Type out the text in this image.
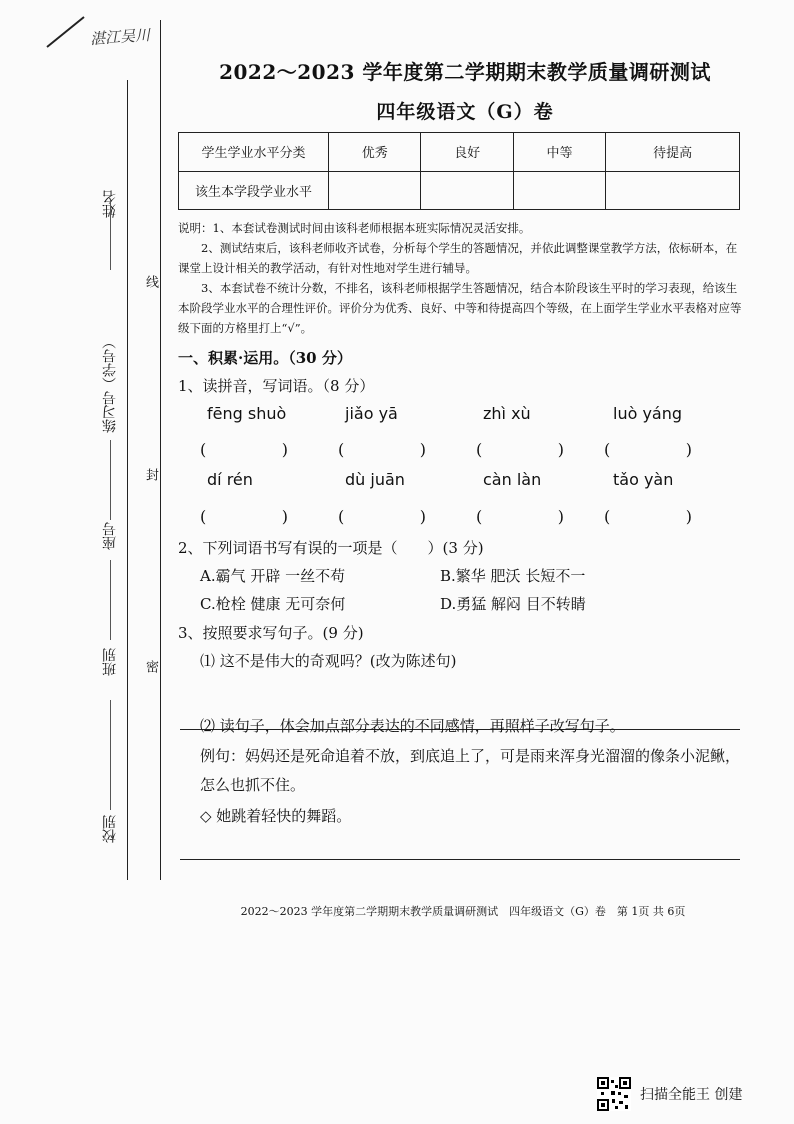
湛江吴川
姓名
练习号（学号）
座号
班别
校别
线
封
密
2022～2023 学年度第二学期期末教学质量调研测试
四年级语文（G）卷
学生学业水平分类	优秀	良好	中等	待提高
该生本学段学业水平				

说明：1、本套试卷测试时间由该科老师根据本班实际情况灵活安排。

2、测试结束后，该科老师收齐试卷，分析每个学生的答题情况，并依此调整课堂教学方法，依标研本，在课堂上设计相关的教学活动，有针对性地对学生进行辅导。

3、本套试卷不统计分数，不排名，该科老师根据学生答题情况，结合本阶段该生平时的学习表现，给该生本阶段学业水平的合理性评价。评价分为优秀、良好、中等和待提高四个等级，在上面学生学业水平表格对应等级下面的方格里打上“√”。

一、积累·运用。（30 分）
1、读拼音，写词语。（8 分）
fēng shuò	jiǎo yā	zhì xù	luò yáng
(	)	(	)	(	)	(	)
dí rén	dù juān	càn làn	tǎo yàn
(	)	(	)	(	)	(	)
2、下列词语书写有误的一项是（　　）(3 分)
A.霸气 开辟 一丝不苟	B.繁华 肥沃 长短不一
C.枪栓 健康 无可奈何	D.勇猛 解闷 目不转睛
3、按照要求写句子。(9 分)
⑴ 这不是伟大的奇观吗？(改为陈述句)
⑵ 读句子，体会加点部分表达的不同感情，再照样子改写句子。
例句：妈妈还是死命追着不放，到底追上了，可是雨来浑身光溜溜的像条小泥鳅，怎么也抓不住。
◇ 她跳着轻快的舞蹈。
2022～2023 学年度第二学期期末教学质量调研测试　四年级语文（G）卷　第 1页 共 6页
扫描全能王 创建
